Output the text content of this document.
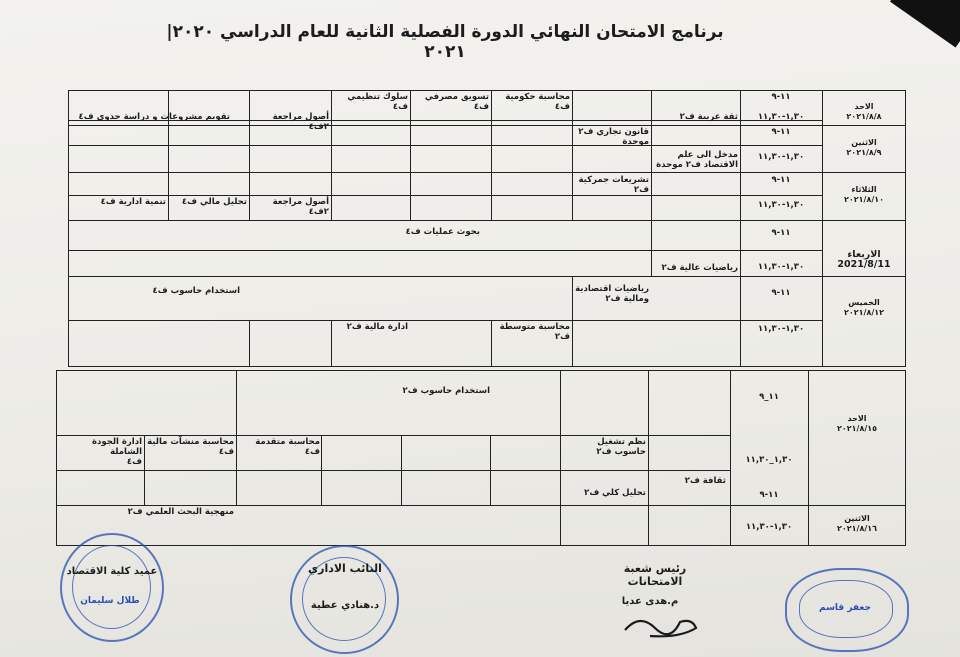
برنامج الامتحان النهائي الدورة الفصلية الثانية للعام الدراسي ٢٠٢٠|٢٠٢١

الاحد
٢٠٢١/٨/٨

الاثنين
٢٠٢١/٨/٩

الثلاثاء
٢٠٢١/٨/١٠

الاربعاء
2021/8/11

الخميس
٢٠٢١/٨/١٢

١١-٩
١,٣٠-١١,٣٠
١١-٩
١,٣٠-١١,٣٠
١١-٩
١,٣٠-١١,٣٠
١١-٩
١,٣٠-١١,٣٠
١١-٩
١,٣٠-١١,٣٠
ثقة عربية ف٢
محاسبة حكومية
ف٤
تسويق مصرفي ف٤
سلوك تنظيمي
ف٤
أصول مراجعة ٢ف٤
تقويم مشروعات و دراسة جدوى ف٤
قانون تجاري ف٢
موحدة
مدخل الى علم
الاقتصاد ف٢ موحدة
تشريعات جمركية
ف٢
أصول مراجعة ٢ف٤
تحليل مالي ف٤
تنمية ادارية ف٤
بحوث عمليات ف٤
رياضيات عالية ف٢
رياضيات اقتصادية
ومالية ف٢
استخدام حاسوب ف٤
محاسبة متوسطة ف٢
ادارة مالية ف٢

الاحد
٢٠٢١/٨/١٥

الاثنين
٢٠٢١/٨/١٦

١١_٩
١,٣٠_١١,٣٠
١١-٩
١,٣٠-١١,٣٠
استخدام حاسوب ف٢
نظم تشغيل
حاسوب ف٢
محاسبة متقدمة
ف٤
محاسبة منشآت مالية
ف٤
ادارة الجودة الشاملة
ف٤
ثقافة ف٢
تحليل كلي ف٢
منهجية البحث العلمي ف٢
رئيس شعبة الامتحانات
م.هدى عديا
النائب الاداري
د.هنادي عطية
عميد كلية الاقتصاد
طلال سليمان
جعفر قاسم
